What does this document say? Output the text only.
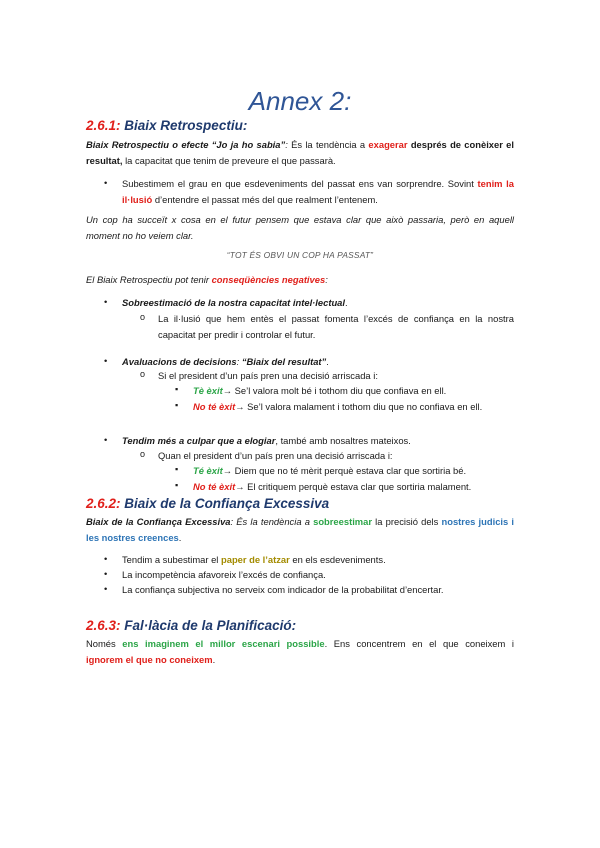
Annex 2:
2.6.1: Biaix Retrospectiu:
Biaix Retrospectiu o efecte “Jo ja ho sabia”: És la tendència a exagerar després de conèixer el resultat, la capacitat que tenim de preveure el que passarà.
• Subestimem el grau en que esdeveniments del passat ens van sorprendre. Sovint tenim la il·lusió d’entendre el passat més del que realment l’entenem.
Un cop ha succeït x cosa en el futur pensem que estava clar que això passaria, però en aquell moment no ho veiem clar.
“TOT ÉS OBVI UN COP HA PASSAT”
El Biaix Retrospectiu pot tenir conseqüències negatives:
• Sobreestimació de la nostra capacitat intel·lectual.
o La il·lusió que hem entès el passat fomenta l’excés de confiança en la nostra capacitat per predir i controlar el futur.
• Avaluacions de decisions: “Biaix del resultat”.
o Si el president d’un país pren una decisió arriscada i:
▪ Tè èxit→ Se’l valora molt bé i tothom diu que confiava en ell.
▪ No té èxit→ Se’l valora malament i tothom diu que no confiava en ell.
• Tendim més a culpar que a elogiar, també amb nosaltres mateixos.
o Quan el president d’un país pren una decisió arriscada i:
▪ Té èxit→ Diem que no té mèrit perquè estava clar que sortiria bé.
▪ No té èxit→ El critiquem perquè estava clar que sortiria malament.
2.6.2: Biaix de la Confiança Excessiva
Biaix de la Confiança Excessiva: És la tendència a sobreestimar la precisió dels nostres judicis i
les nostres creences.
• Tendim a subestimar el paper de l’atzar en els esdeveniments.
• La incompetència afavoreix l’excés de confiança.
• La confiança subjectiva no serveix com indicador de la probabilitat d’encertar.
2.6.3: Fal·làcia de la Planificació:
Només ens imaginem el millor escenari possible. Ens concentrem en el que coneixem i
ignorem el que no coneixem.
